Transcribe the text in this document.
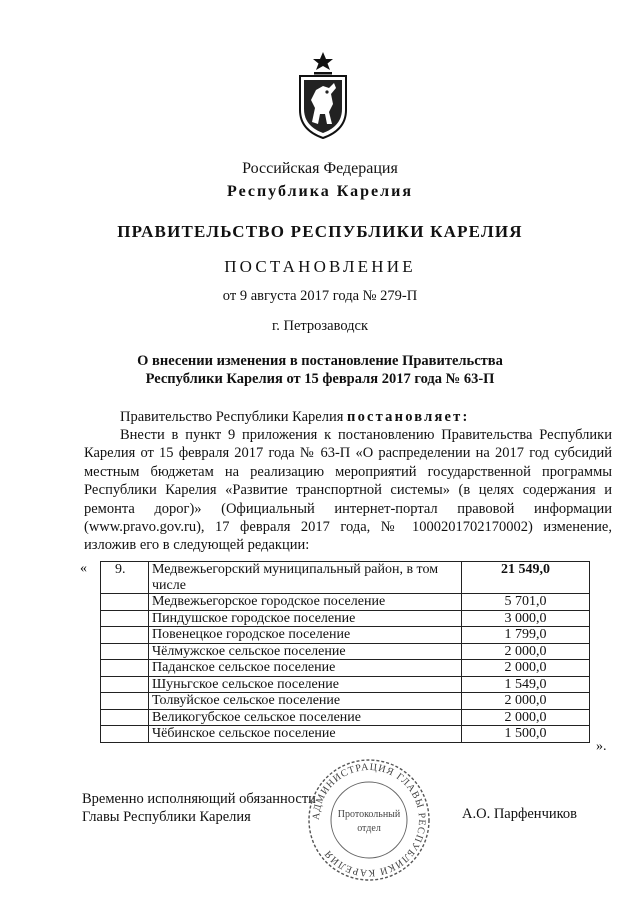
Российская Федерация
Республика Карелия
ПРАВИТЕЛЬСТВО РЕСПУБЛИКИ КАРЕЛИЯ
ПОСТАНОВЛЕНИЕ
от 9 августа 2017 года № 279-П
г. Петрозаводск
О внесении изменения в постановление Правительства
Республики Карелия от 15 февраля 2017 года № 63-П
Правительство Республики Карелия постановляет:
Внести в пункт 9 приложения к постановлению Правительства Республики Карелия от 15 февраля 2017 года № 63-П «О распределении на 2017 год субсидий местным бюджетам на реализацию мероприятий государственной программы Республики Карелия «Развитие транспортной системы» (в целях содержания и ремонта дорог)» (Официальный интернет-портал правовой информации (www.pravo.gov.ru), 17 февраля 2017 года, № 1000201702170002) изменение, изложив его в следующей редакции:
« 9.	Медвежьегорский муниципальный район, в том числе	21 549,0
	Медвежьегорское городское поселение	5 701,0
	Пиндушское городское поселение	3 000,0
	Повенецкое городское поселение	1 799,0
	Чёлмужское сельское поселение	2 000,0
	Паданское сельское поселение	2 000,0
	Шуньгское сельское поселение	1 549,0
	Толвуйское сельское поселение	2 000,0
	Великогубское сельское поселение	2 000,0
	Чёбинское сельское поселение	1 500,0
».
Временно исполняющий обязанности
Главы Республики Карелия	АДМИНИСТРАЦИЯ ГЛАВЫ РЕСПУБЛИКИ КАРЕЛИЯ
Протокольный
отдел
А.О. Парфенчиков
